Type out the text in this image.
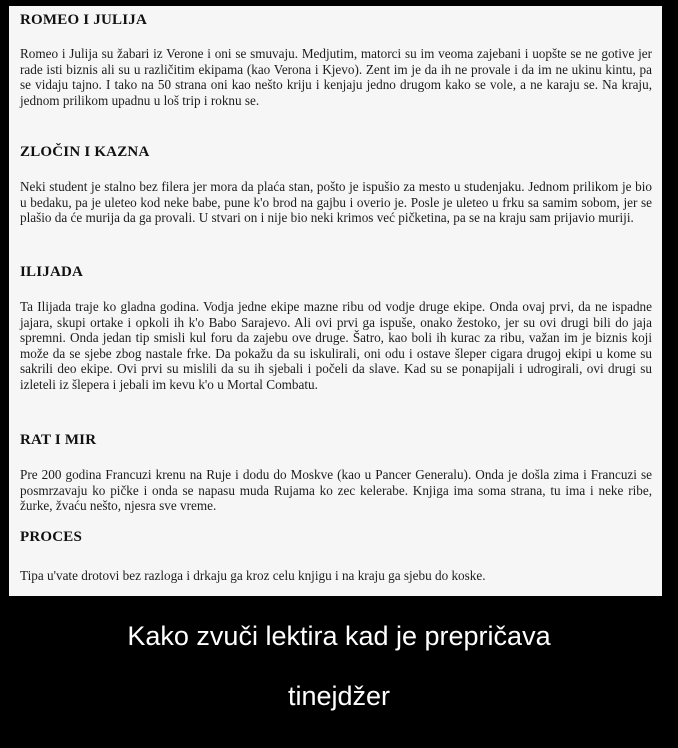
ROMEO I JULIJA

Romeo i Julija su žabari iz Verone i oni se smuvaju. Medjutim, matorci su im veoma zajebani i uopšte se ne gotive jer rade isti biznis ali su u različitim ekipama (kao Verona i Kjevo). Zent im je da ih ne provale i da im ne ukinu kintu, pa se vidaju tajno. I tako na 50 strana oni kao nešto kriju i kenjaju jedno drugom kako se vole, a ne karaju se. Na kraju, jednom prilikom upadnu u loš trip i roknu se.

ZLOČIN I KAZNA

Neki student je stalno bez filera jer mora da plaća stan, pošto je ispušio za mesto u studenjaku. Jednom prilikom je bio u bedaku, pa je uleteo kod neke babe, pune k'o brod na gajbu i overio je. Posle je uleteo u frku sa samim sobom, jer se plašio da će murija da ga provali. U stvari on i nije bio neki krimos već pičketina, pa se na kraju sam prijavio muriji.

ILIJADA

Ta Ilijada traje ko gladna godina. Vodja jedne ekipe mazne ribu od vodje druge ekipe. Onda ovaj prvi, da ne ispadne jajara, skupi ortake i opkoli ih k'o Babo Sarajevo. Ali ovi prvi ga ispuše, onako žestoko, jer su ovi drugi bili do jaja spremni. Onda jedan tip smisli kul foru da zajebu ove druge. Šatro, kao boli ih kurac za ribu, važan im je biznis koji može da se sjebe zbog nastale frke. Da pokažu da su iskulirali, oni odu i ostave šleper cigara drugoj ekipi u kome su sakrili deo ekipe. Ovi prvi su mislili da su ih sjebali i počeli da slave. Kad su se ponapijali i udrogirali, ovi drugi su izleteli iz šlepera i jebali im kevu k'o u Mortal Combatu.

RAT I MIR

Pre 200 godina Francuzi krenu na Ruje i dodu do Moskve (kao u Pancer Generalu). Onda je došla zima i Francuzi se posmrzavaju ko pičke i onda se napasu muda Rujama ko zec kelerabe. Knjiga ima soma strana, tu ima i neke ribe, žurke, žvaću nešto, njesra sve vreme.

PROCES

Tipa u'vate drotovi bez razloga i drkaju ga kroz celu knjigu i na kraju ga sjebu do koske.

Kako zvuči lektira kad je prepričava
tinejdžer
